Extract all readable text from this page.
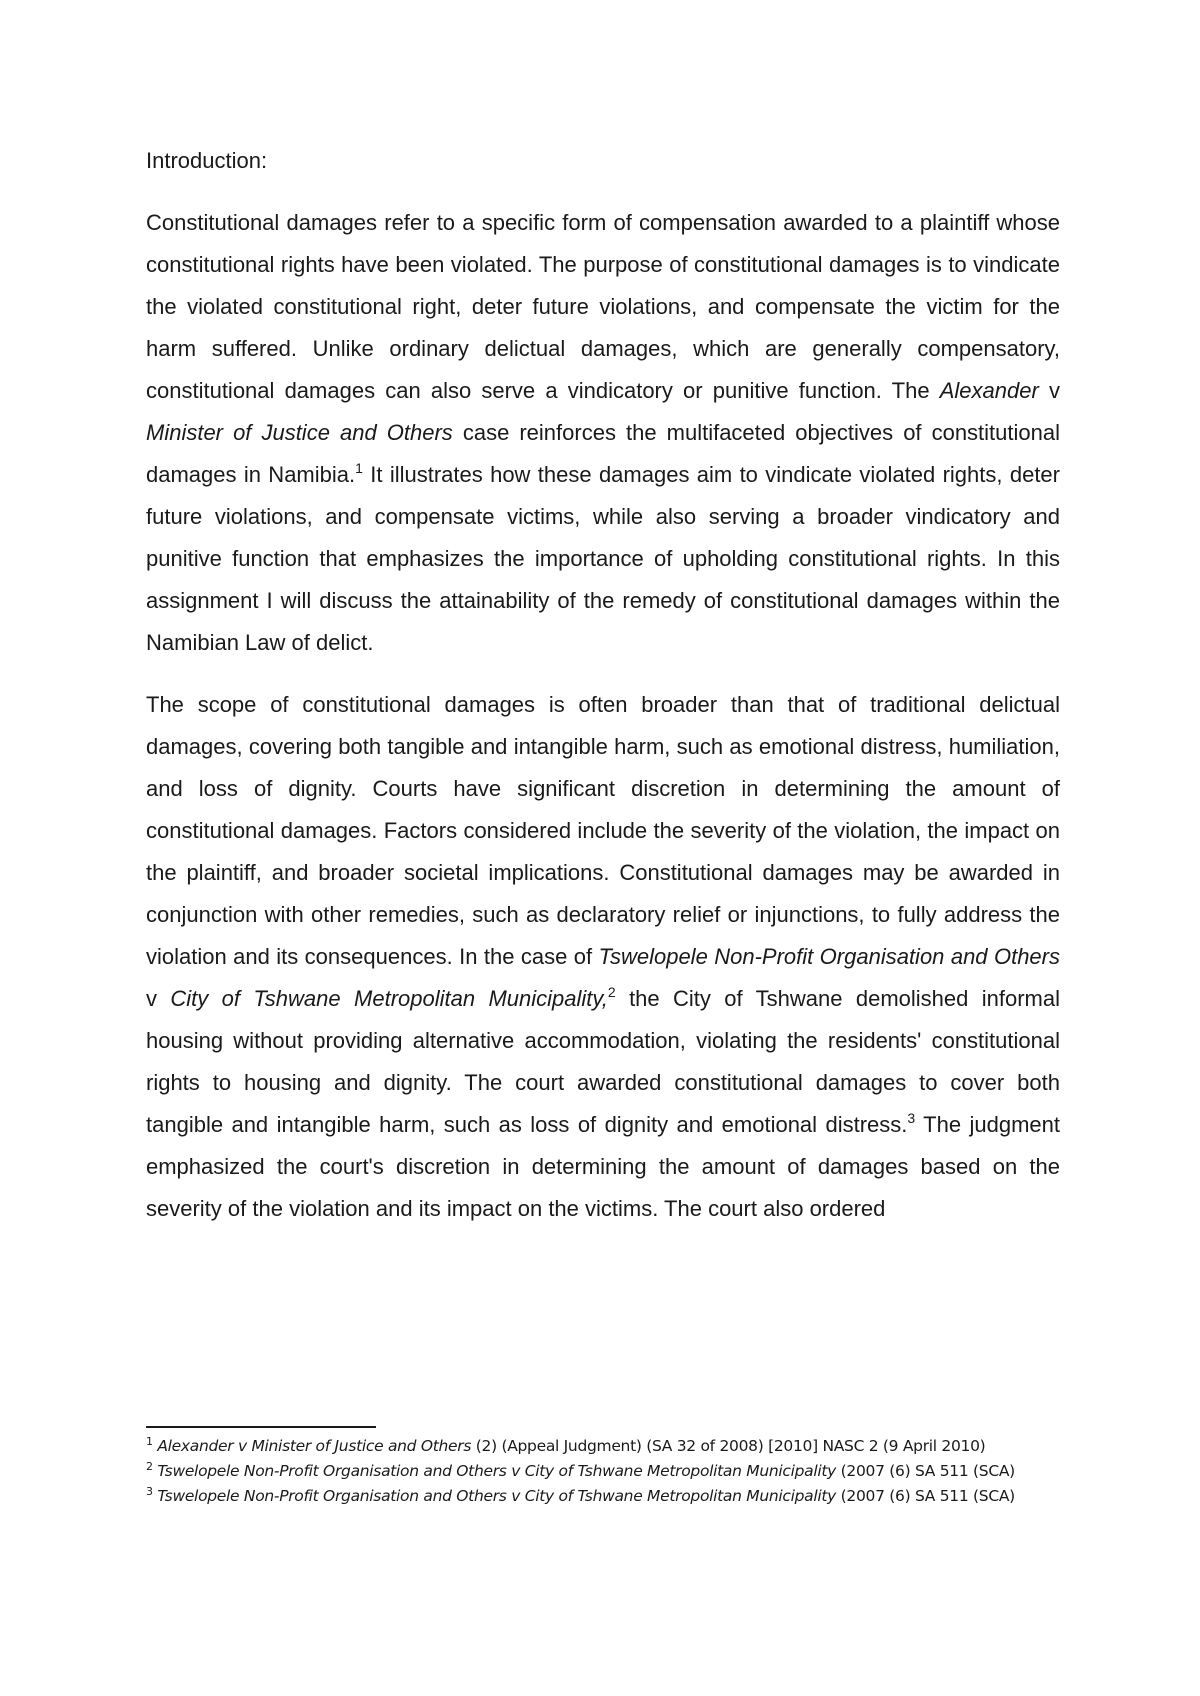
Introduction:

Constitutional damages refer to a specific form of compensation awarded to a plaintiff whose constitutional rights have been violated. The purpose of constitutional damages is to vindicate the violated constitutional right, deter future violations, and compensate the victim for the harm suffered. Unlike ordinary delictual damages, which are generally compensatory, constitutional damages can also serve a vindicatory or punitive function. The Alexander v Minister of Justice and Others case reinforces the multifaceted objectives of constitutional damages in Namibia.$^1$ It illustrates how these damages aim to vindicate violated rights, deter future violations, and compensate victims, while also serving a broader vindicatory and punitive function that emphasizes the importance of upholding constitutional rights. In this assignment I will discuss the attainability of the remedy of constitutional damages within the Namibian Law of delict.

The scope of constitutional damages is often broader than that of traditional delictual damages, covering both tangible and intangible harm, such as emotional distress, humiliation, and loss of dignity. Courts have significant discretion in determining the amount of constitutional damages. Factors considered include the severity of the violation, the impact on the plaintiff, and broader societal implications. Constitutional damages may be awarded in conjunction with other remedies, such as declaratory relief or injunctions, to fully address the violation and its consequences. In the case of Tswelopele Non-Profit Organisation and Others v City of Tshwane Metropolitan Municipality,$^2$ the City of Tshwane demolished informal housing without providing alternative accommodation, violating the residents' constitutional rights to housing and dignity. The court awarded constitutional damages to cover both tangible and intangible harm, such as loss of dignity and emotional distress.$^3$ The judgment emphasized the court's discretion in determining the amount of damages based on the severity of the violation and its impact on the victims. The court also ordered

$^1$ Alexander v Minister of Justice and Others (2) (Appeal Judgment) (SA 32 of 2008) [2010] NASC 2 (9 April 2010)

$^2$ Tswelopele Non-Profit Organisation and Others v City of Tshwane Metropolitan Municipality (2007 (6) SA 511 (SCA)

$^3$ Tswelopele Non-Profit Organisation and Others v City of Tshwane Metropolitan Municipality (2007 (6) SA 511 (SCA)
